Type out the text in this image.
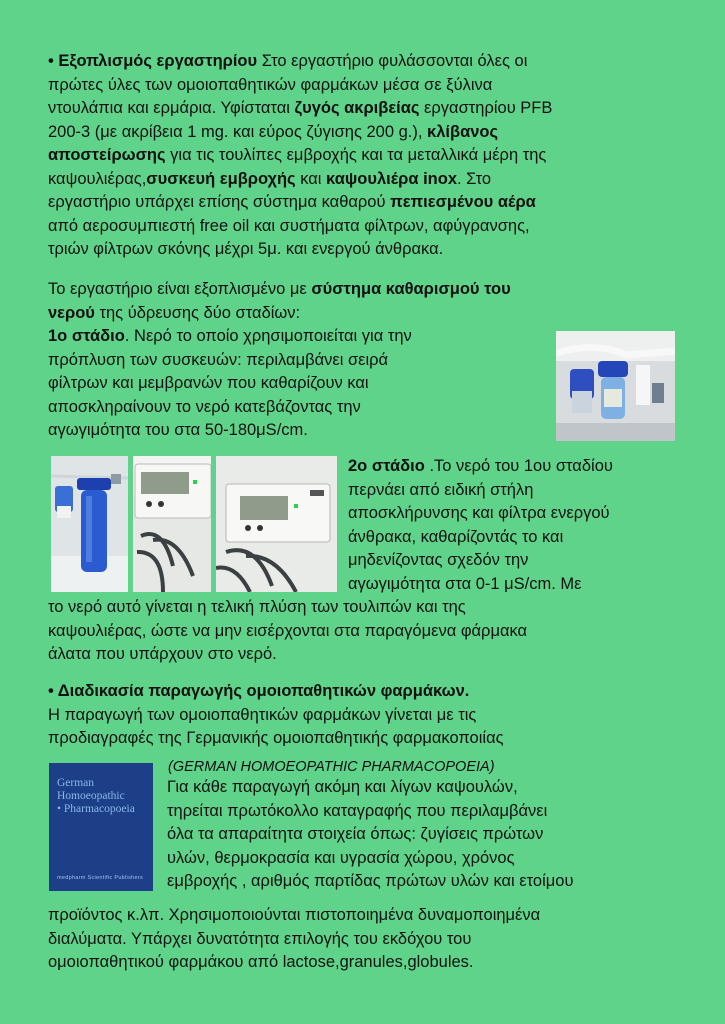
• Εξοπλισμός εργαστηρίου Στο εργαστήριο φυλάσσονται όλες οι
πρώτες ύλες των ομοιοπαθητικών φαρμάκων μέσα σε ξύλινα
ντουλάπια και ερμάρια. Υφίσταται ζυγός ακριβείας εργαστηρίου PFB
200-3 (με ακρίβεια 1 mg. και εύρος ζύγισης 200 g.), κλίβανος
αποστείρωσης για τις τουλίπες εμβροχής και τα μεταλλικά μέρη της
καψουλιέρας,συσκευή εμβροχής και καψουλιέρα inox. Στο
εργαστήριο υπάρχει επίσης σύστημα καθαρού πεπιεσμένου αέρα
από αεροσυμπιεστή free oil και συστήματα φίλτρων, αφύγρανσης,
τριών φίλτρων σκόνης μέχρι 5μ. και ενεργού άνθρακα.
Το εργαστήριο είναι εξοπλισμένο με σύστημα καθαρισμού του
νερού της ύδρευσης δύο σταδίων:
1ο στάδιο. Νερό το οποίο χρησιμοποιείται για την
πρόπλυση των συσκευών: περιλαμβάνει σειρά
φίλτρων και μεμβρανών που καθαρίζουν και
αποσκληραίνουν το νερό κατεβάζοντας την
αγωγιμότητα του στα 50-180μS/cm.
2ο στάδιο .Το νερό του 1ου σταδίου
περνάει από ειδική στήλη
αποσκλήρυνσης και φίλτρα ενεργού
άνθρακα, καθαρίζοντάς το και
μηδενίζοντας σχεδόν την
αγωγιμότητα στα 0-1 μS/cm. Με
το νερό αυτό γίνεται η τελική πλύση των τουλιπών και της
καψουλιέρας, ώστε να μην εισέρχονται στα παραγόμενα φάρμακα
άλατα που υπάρχουν στο νερό.
• Διαδικασία παραγωγής ομοιοπαθητικών φαρμάκων.
Η παραγωγή των ομοιοπαθητικών φαρμάκων γίνεται με τις
προδιαγραφές της Γερμανικής ομοιοπαθητικής φαρμακοποιίας
German
Homoeopathic
• Pharmacopoeia
medpharm Scientific Publishers
(GERMAN HOMOEOPATHIC PHARMACOPOEIA)
Για κάθε παραγωγή ακόμη και λίγων καψουλών,
τηρείται πρωτόκολλο καταγραφής που περιλαμβάνει
όλα τα απαραίτητα στοιχεία όπως: ζυγίσεις πρώτων
υλών, θερμοκρασία και υγρασία χώρου, χρόνος
εμβροχής , αριθμός παρτίδας πρώτων υλών και ετοίμου
προϊόντος κ.λπ. Χρησιμοποιούνται πιστοποιημένα δυναμοποιημένα
διαλύματα. Υπάρχει δυνατότητα επιλογής του εκδόχου του
ομοιοπαθητικού φαρμάκου από lactose,granules,globules.
